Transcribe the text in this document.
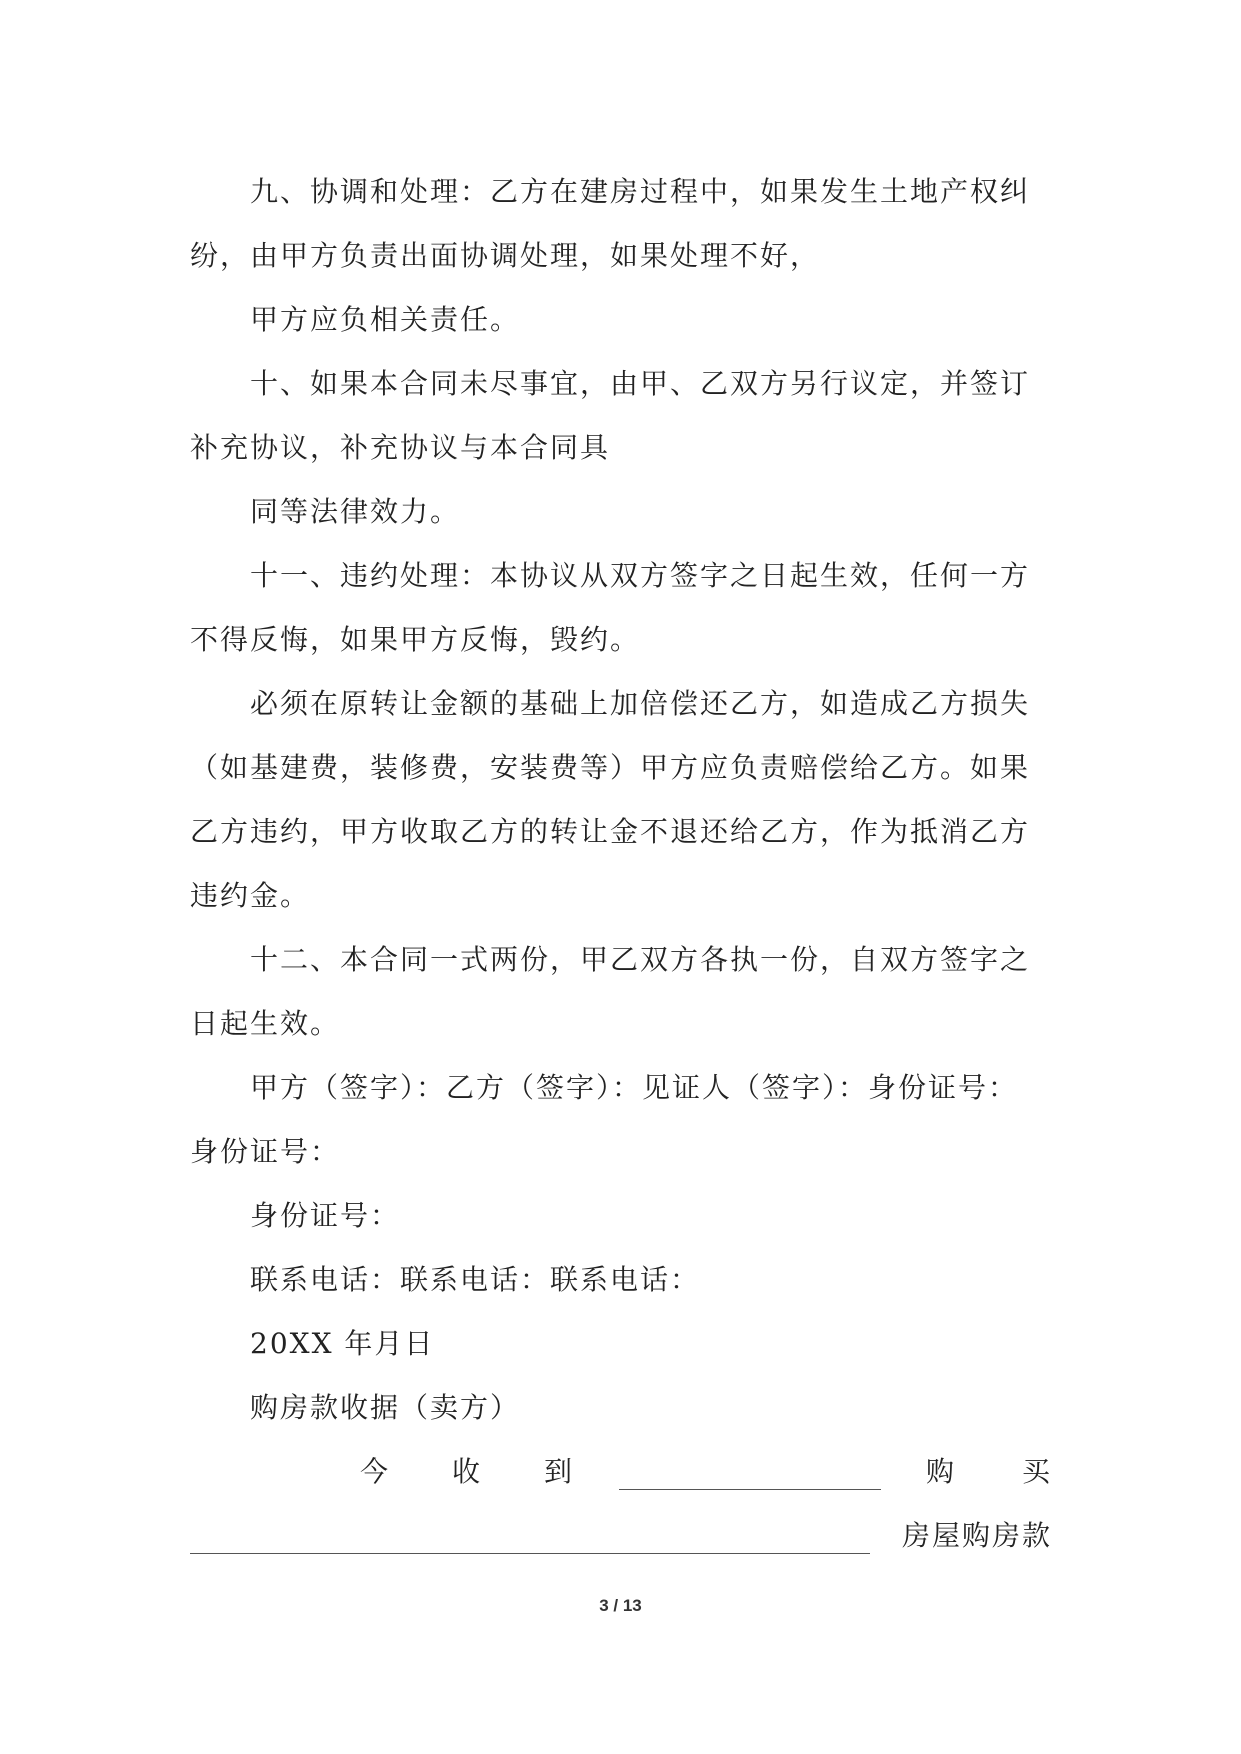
九、协调和处理：乙方在建房过程中，如果发生土地产权纠
纷，由甲方负责出面协调处理，如果处理不好，
甲方应负相关责任。
十、如果本合同未尽事宜，由甲、乙双方另行议定，并签订
补充协议，补充协议与本合同具
同等法律效力。
十一、违约处理：本协议从双方签字之日起生效，任何一方
不得反悔，如果甲方反悔，毁约。
必须在原转让金额的基础上加倍偿还乙方，如造成乙方损失
（如基建费，装修费，安装费等）甲方应负责赔偿给乙方。如果
乙方违约，甲方收取乙方的转让金不退还给乙方，作为抵消乙方
违约金。
十二、本合同一式两份，甲乙双方各执一份，自双方签字之
日起生效。
甲方（签字）：乙方（签字）：见证人（签字）：身份证号：
身份证号：
身份证号：
联系电话：联系电话：联系电话：
20XX 年月日
购房款收据（卖方）
今 收 到	购 买
房屋购房款
3 / 13
